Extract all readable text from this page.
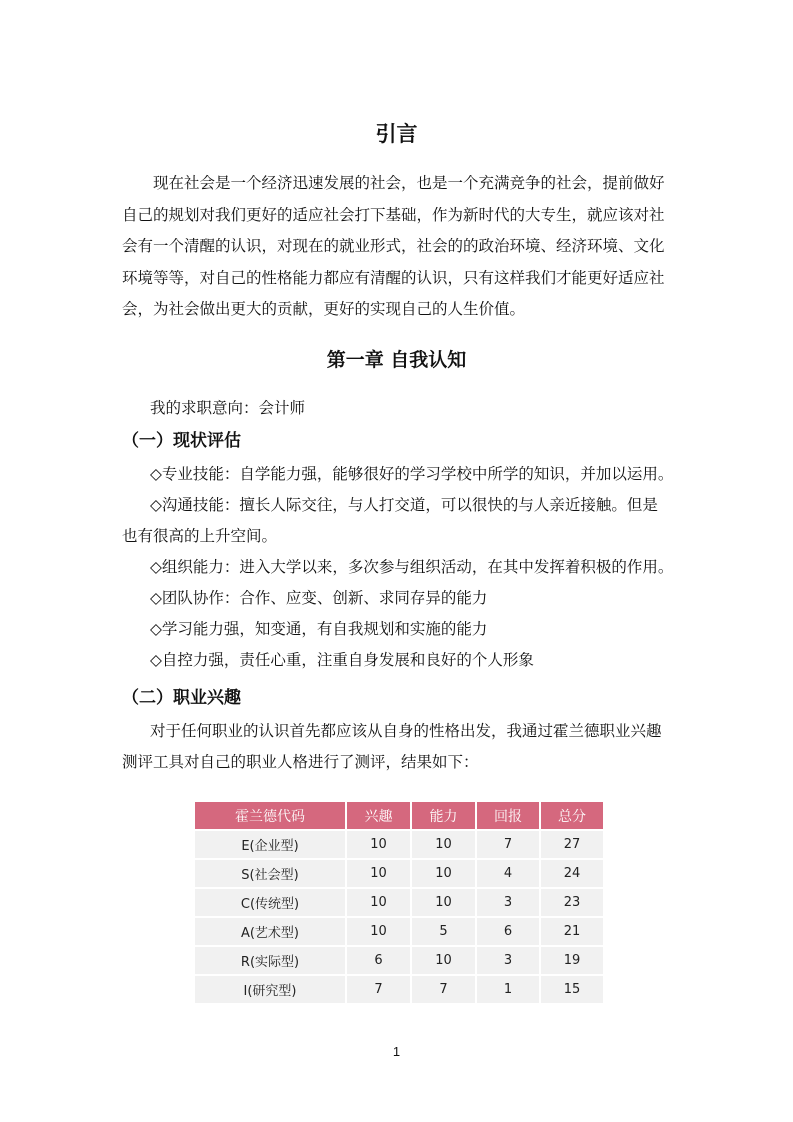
引言
现在社会是一个经济迅速发展的社会，也是一个充满竞争的社会，提前做好
自己的规划对我们更好的适应社会打下基础，作为新时代的大专生，就应该对社
会有一个清醒的认识，对现在的就业形式，社会的的政治环境、经济环境、文化
环境等等，对自己的性格能力都应有清醒的认识，只有这样我们才能更好适应社
会，为社会做出更大的贡献，更好的实现自己的人生价值。
第一章 自我认知
我的求职意向：会计师
（一）现状评估
◇专业技能：自学能力强，能够很好的学习学校中所学的知识，并加以运用。
◇沟通技能：擅长人际交往，与人打交道，可以很快的与人亲近接触。但是
也有很高的上升空间。
◇组织能力：进入大学以来，多次参与组织活动，在其中发挥着积极的作用。
◇团队协作：合作、应变、创新、求同存异的能力
◇学习能力强，知变通，有自我规划和实施的能力
◇自控力强，责任心重，注重自身发展和良好的个人形象
（二）职业兴趣
对于任何职业的认识首先都应该从自身的性格出发，我通过霍兰德职业兴趣
测评工具对自己的职业人格进行了测评，结果如下：
霍兰德代码	兴趣	能力	回报	总分
E(企业型)	10	10	7	27
S(社会型)	10	10	4	24
C(传统型)	10	10	3	23
A(艺术型)	10	5	6	21
R(实际型)	6	10	3	19
I(研究型)	7	7	1	15
1
